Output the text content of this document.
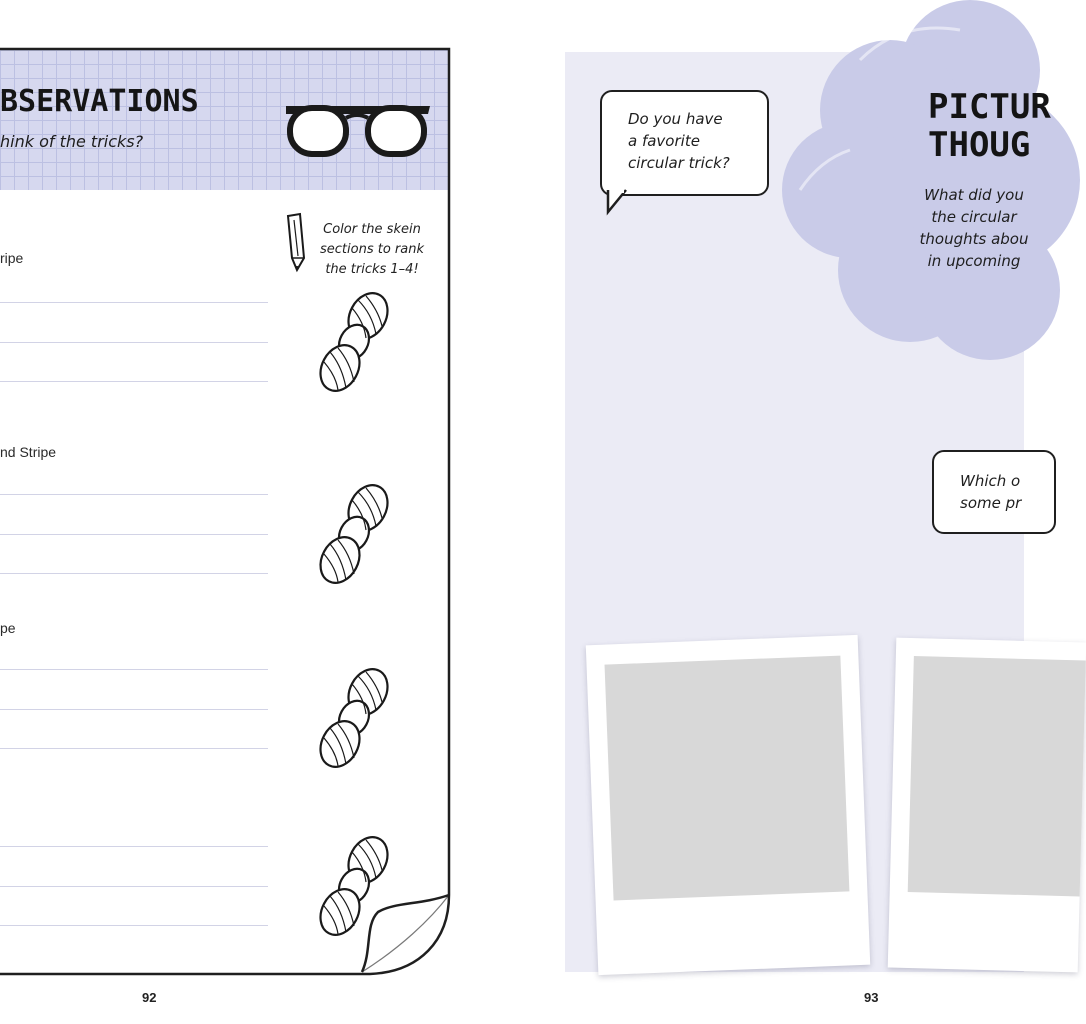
BSERVATIONS
hink of the tricks?
Color the skein
sections to rank
the tricks 1–4!
ripe
nd Stripe
pe
92
PICTUR
THOUG
What did you
the circular
thoughts abou
in upcoming
Do you have
a favorite
circular trick?
Which o
some pr
93
